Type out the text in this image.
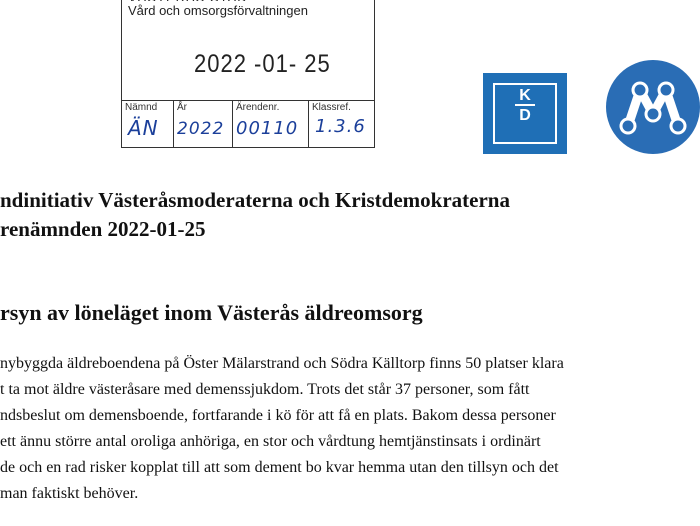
Vård och omsorgsförvaltningen
2022 -01- 25
Nämnd
ÄN
År
2022
Ärendenr.
00110
Klassref.
1.3.6
K
D
ndinitiativ Västeråsmoderaterna och Kristdemokraterna
renämnden 2022-01-25
rsyn av löneläget inom Västerås äldreomsorg
nybyggda äldreboendena på Öster Mälarstrand och Södra Källtorp finns 50 platser klara
t ta mot äldre västeråsare med demenssjukdom. Trots det står 37 personer, som fått
ndsbeslut om demensboende, fortfarande i kö för att få en plats. Bakom dessa personer
ett ännu större antal oroliga anhöriga, en stor och vårdtung hemtjänstinsats i ordinärt
de och en rad risker kopplat till att som dement bo kvar hemma utan den tillsyn och det
man faktiskt behöver.
